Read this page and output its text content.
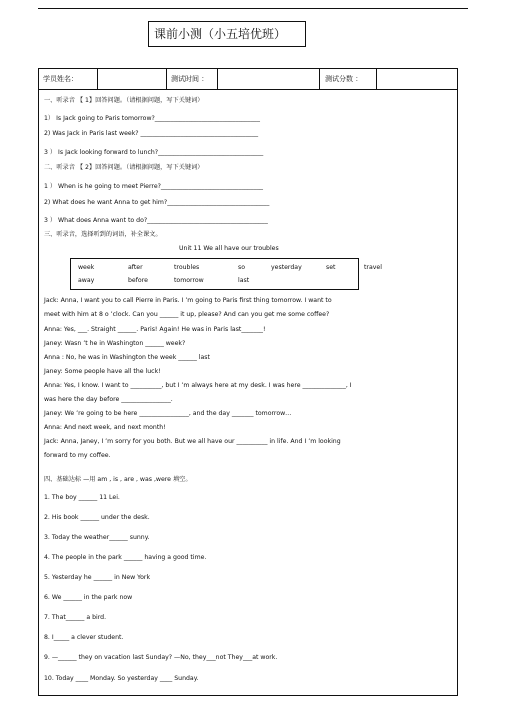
课前小测（小五培优班）
学员姓名：	测试时间 ：	测试分数 ：
一、听录音 【 1】回答问题。（请根据问题，写下关键词）
1） Is Jack going to Paris tomorrow?__________________________________
2) Was Jack in Paris last week? ______________________________________
3 ） Is Jack looking forward to lunch?__________________________________
二、听录音 【 2】回答问题。（请根据问题，写下关键词）
1 ） When is he going to meet Pierre?_________________________________
2) What does he want Anna to get him?_________________________________
3 ） What does Anna want to do?_______________________________________
三、听录音，选择听到的词语，补全课文。
Unit 11 We all have our troubles
Jack: Anna, I want you to call Pierre in Paris. I ’m going to Paris first thing tomorrow. I want to
meet with him at 8 o ’clock. Can you ______ it up, please? And can you get me some coffee?
Anna: Yes, ___. Straight ______. Paris! Again! He was in Paris last_______!
Janey: Wasn ’t he in Washington ______ week?
Anna : No, he was in Washington the week ______ last
Janey: Some people have all the luck!
Anna: Yes, I know. I want to __________, but I ’m always here at my desk. I was here ______________, I
was here the day before ________________.
Janey: We ’re going to be here ________________, and the day _______ tomorrow…
Anna: And next week, and next month!
Jack: Anna, Janey, I ’m sorry for you both. But we all have our __________ in life. And I ’m looking
forward to my coffee.
四、基础达标 —用 am , is , are , was ,were 填空。
1. The boy ______ 11 Lei.
2. His book ______ under the desk.
3. Today the weather______ sunny.
4. The people in the park ______ having a good time.
5. Yesterday he ______ in New York
6. We ______ in the park now
7. That______ a bird.
8. I_____ a clever student.
9. —______ they on vacation last Sunday? —No, they___not They___at work.
10. Today ____ Monday. So yesterday ____ Sunday.
week	after	troubles	so	yesterday	set	travel
away	before	tomorrow	last
